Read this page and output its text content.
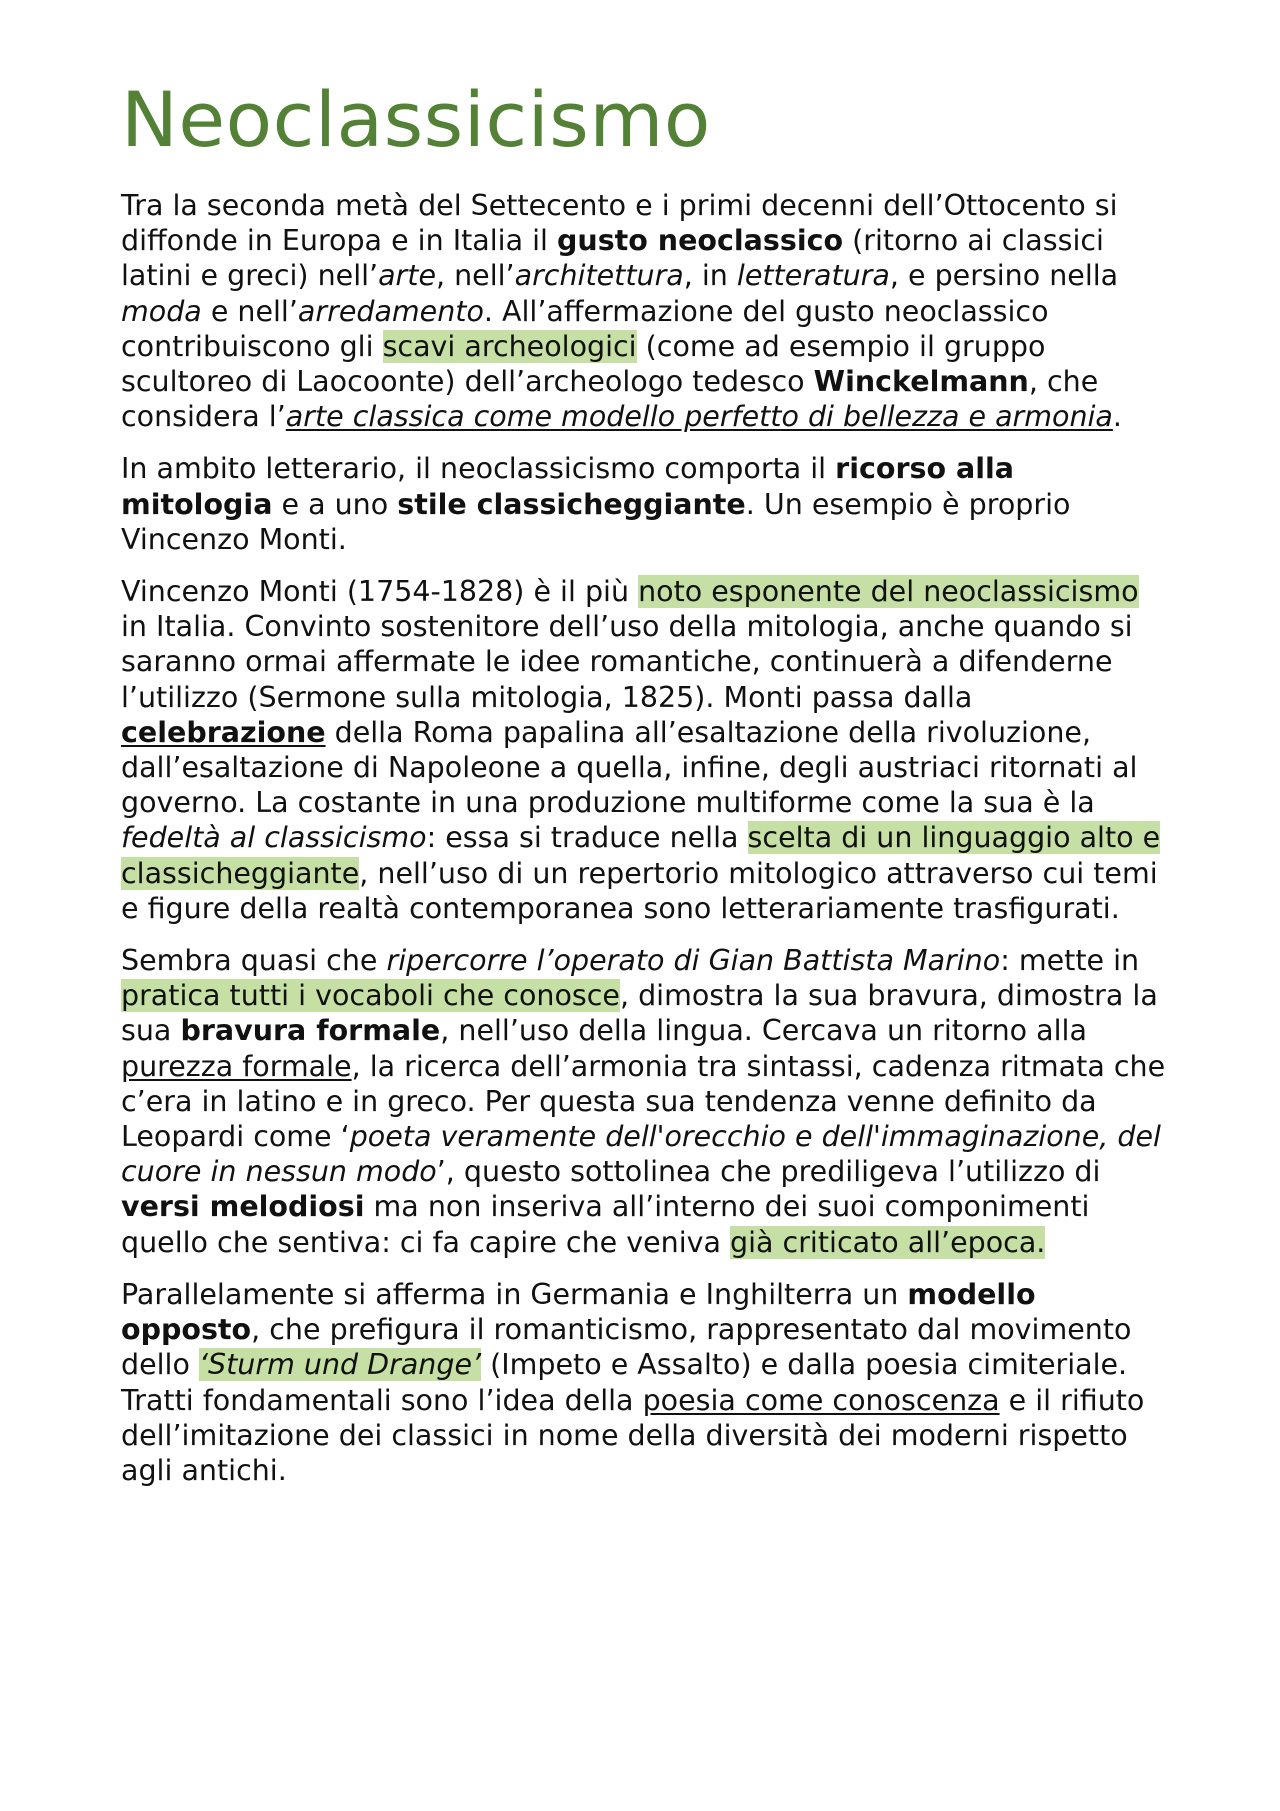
Neoclassicismo

Tra la seconda metà del Settecento e i primi decenni dell’Ottocento si diffonde in Europa e in Italia il gusto neoclassico (ritorno ai classici latini e greci) nell’arte, nell’architettura, in letteratura, e persino nella moda e nell’arredamento. All’affermazione del gusto neoclassico contribuiscono gli scavi archeologici (come ad esempio il gruppo scultoreo di Laocoonte) dell’archeologo tedesco Winckelmann, che considera l’arte classica come modello perfetto di bellezza e armonia.

In ambito letterario, il neoclassicismo comporta il ricorso alla mitologia e a uno stile classicheggiante. Un esempio è proprio Vincenzo Monti.

Vincenzo Monti (1754-1828) è il più noto esponente del neoclassicismo in Italia. Convinto sostenitore dell’uso della mitologia, anche quando si saranno ormai affermate le idee romantiche, continuerà a difenderne l’utilizzo (Sermone sulla mitologia, 1825). Monti passa dalla celebrazione della Roma papalina all’esaltazione della rivoluzione, dall’esaltazione di Napoleone a quella, infine, degli austriaci ritornati al governo. La costante in una produzione multiforme come la sua è la fedeltà al classicismo: essa si traduce nella scelta di un linguaggio alto e classicheggiante, nell’uso di un repertorio mitologico attraverso cui temi e figure della realtà contemporanea sono letterariamente trasfigurati.

Sembra quasi che ripercorre l’operato di Gian Battista Marino: mette in pratica tutti i vocaboli che conosce, dimostra la sua bravura, dimostra la sua bravura formale, nell’uso della lingua. Cercava un ritorno alla purezza formale, la ricerca dell’armonia tra sintassi, cadenza ritmata che c’era in latino e in greco. Per questa sua tendenza venne definito da Leopardi come ‘poeta veramente dell'orecchio e dell'immaginazione, del cuore in nessun modo’, questo sottolinea che prediligeva l’utilizzo di versi melodiosi ma non inseriva all’interno dei suoi componimenti quello che sentiva: ci fa capire che veniva già criticato all’epoca.

Parallelamente si afferma in Germania e Inghilterra un modello opposto, che prefigura il romanticismo, rappresentato dal movimento dello ‘Sturm und Drange’ (Impeto e Assalto) e dalla poesia cimiteriale. Tratti fondamentali sono l’idea della poesia come conoscenza e il rifiuto dell’imitazione dei classici in nome della diversità dei moderni rispetto agli antichi.
